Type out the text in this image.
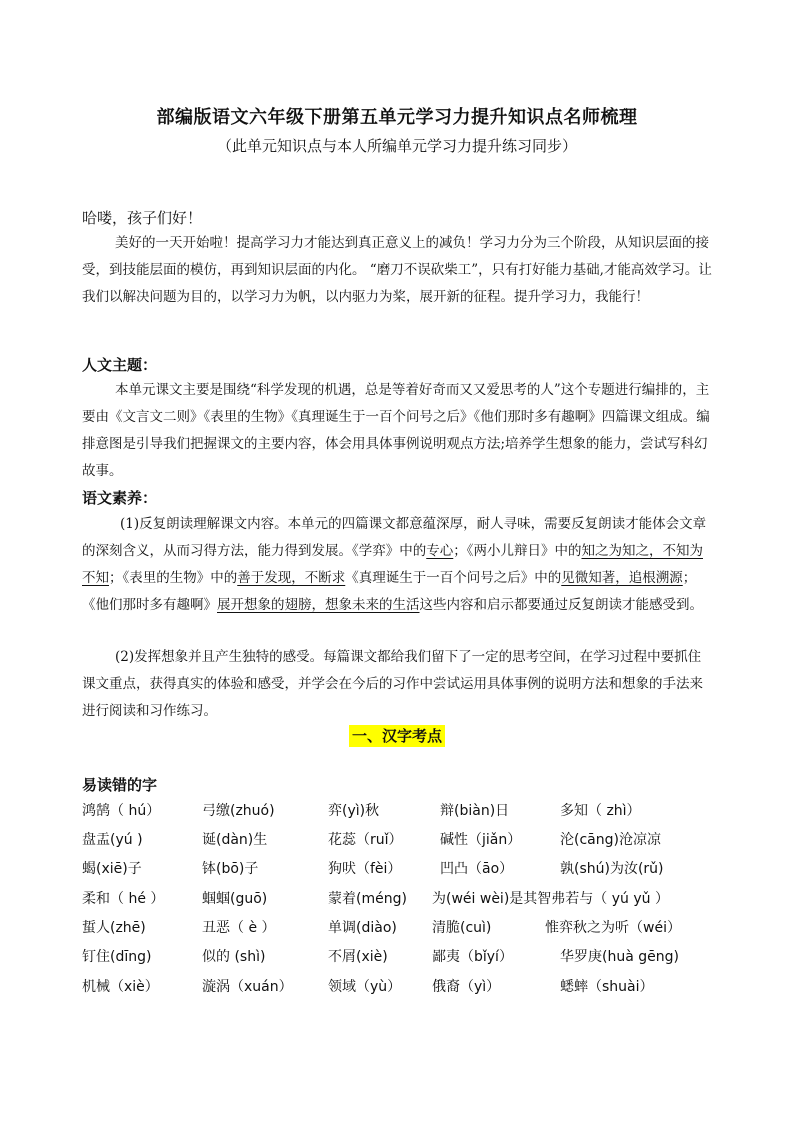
部编版语文六年级下册第五单元学习力提升知识点名师梳理
（此单元知识点与本人所编单元学习力提升练习同步）
哈喽，孩子们好！

美好的一天开始啦！提高学习力才能达到真正意义上的减负！学习力分为三个阶段，从知识层面的接受，到技能层面的模仿，再到知识层面的内化。 “磨刀不误砍柴工”，只有打好能力基础,才能高效学习。让我们以解决问题为目的，以学习力为帆，以内驱力为桨，展开新的征程。提升学习力，我能行！

人文主题：

本单元课文主要是围绕“科学发现的机遇，总是等着好奇而又又爱思考的人”这个专题进行编排的，主要由《文言文二则》《表里的生物》《真理诞生于一百个问号之后》《他们那时多有趣啊》四篇课文组成。编排意图是引导我们把握课文的主要内容，体会用具体事例说明观点方法;培养学生想象的能力，尝试写科幻故事。

语文素养：

(1)反复朗读理解课文内容。本单元的四篇课文都意蕴深厚，耐人寻味，需要反复朗读才能体会文章的深刻含义，从而习得方法，能力得到发展。《学弈》中的专心；《两小儿辩日》中的知之为知之，不知为不知；《表里的生物》中的善于发现，不断求《真理诞生于一百个问号之后》中的见微知著，追根溯源；《他们那时多有趣啊》展开想象的翅膀，想象未来的生活这些内容和启示都要通过反复朗读才能感受到。

(2)发挥想象并且产生独特的感受。每篇课文都给我们留下了一定的思考空间，在学习过程中要抓住课文重点，获得真实的体验和感受，并学会在今后的习作中尝试运用具体事例的说明方法和想象的手法来进行阅读和习作练习。

一、汉字考点
易读错的字
鸿鹄（ hú）	弓缴(zhuó)	弈(yì)秋	辩(biàn)日	多知（ zhì）
盘盂(yú )	诞(dàn)生	花蕊（ruǐ）	碱性（jiǎn）	沦(cāng)沧凉凉
蝎(xiē)子	钵(bō)子	狗吠（fèi）	凹凸（āo）	孰(shú)为汝(rǔ)
柔和（ hé ）	蝈蝈(guō)	蒙着(méng) 为(wéi wèi)是其智弗若与（ yú yǔ ）
蜇人(zhē)	丑恶（ è ）	单调(diào)	清脆(cuì)	惟弈秋之为听（wéi）
钉住(dīng)	似的 (shì)	不屑(xiè)	鄙夷（bǐyí）	华罗庚(huà gēng)
机械（xiè）	漩涡（xuán）	领域（yù） 俄裔（yì）	蟋蟀（shuài）
